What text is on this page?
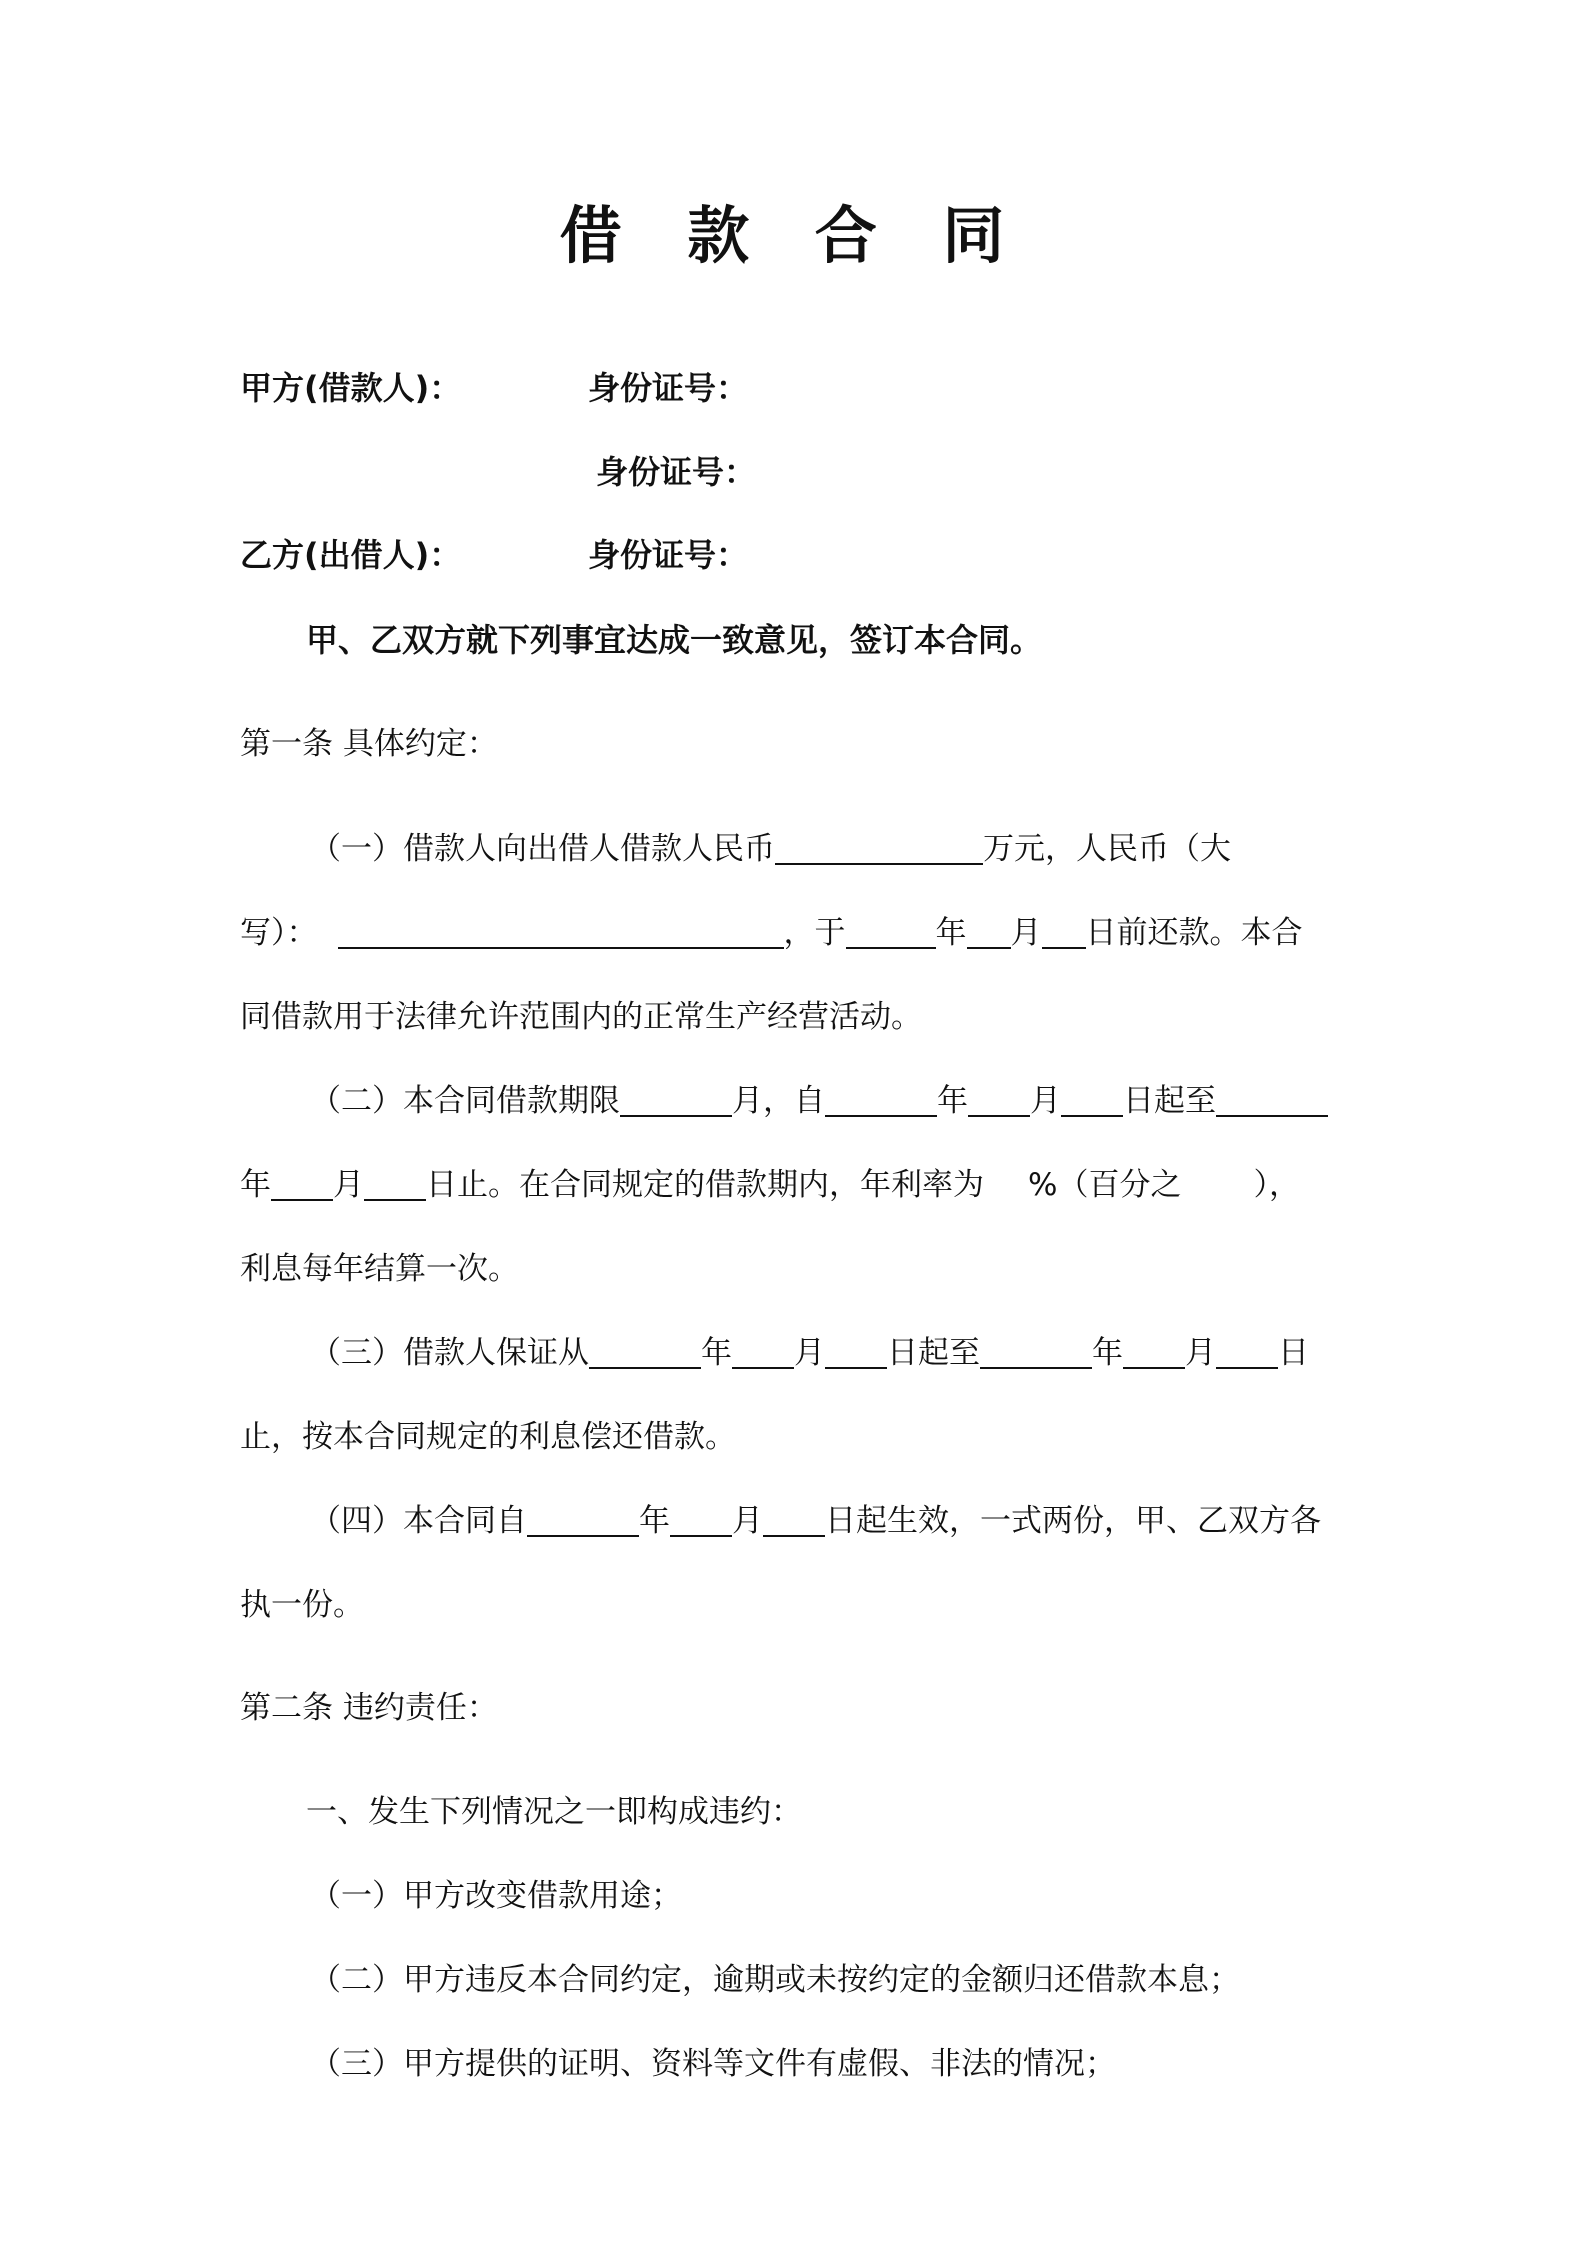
借 款 合 同
甲方(借款人)：	身份证号：
身份证号：
乙方(出借人)：	身份证号：
甲、乙双方就下列事宜达成一致意见，签订本合同。
第一条 具体约定：
（一）借款人向出借人借款人民币	万元，人民币（大
写）：	，于	年 月 日前还款。本合
同借款用于法律允许范围内的正常生产经营活动。
（二）本合同借款期限	月，自	年 月 日起至
年 月 日止。在合同规定的借款期内，年利率为 %（百分之 ），
利息每年结算一次。
（三）借款人保证从	年 月 日起至	年 月 日
止，按本合同规定的利息偿还借款。
（四）本合同自	年 月 日起生效，一式两份，甲、乙双方各
执一份。
第二条 违约责任：
一、发生下列情况之一即构成违约：
（一）甲方改变借款用途；
（二）甲方违反本合同约定，逾期或未按约定的金额归还借款本息；
（三）甲方提供的证明、资料等文件有虚假、非法的情况；
